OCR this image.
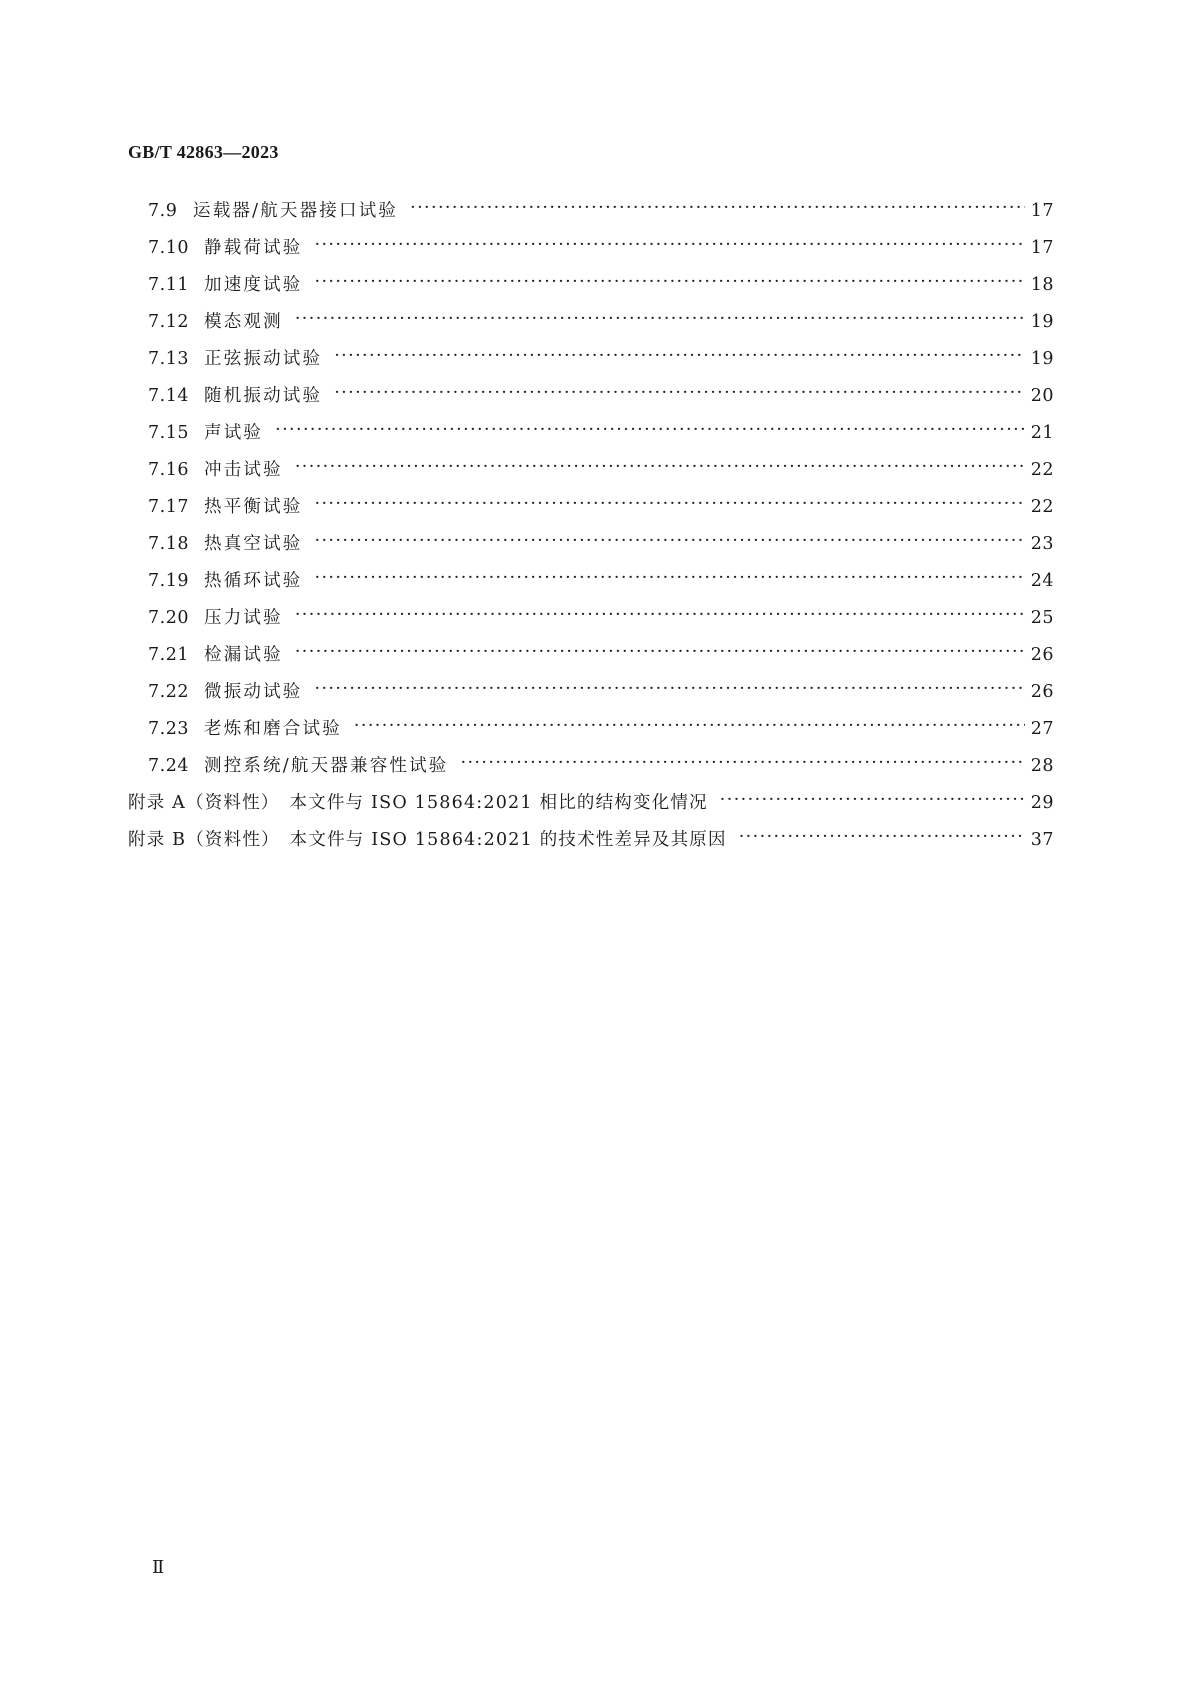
GB/T 42863—2023
7.9 运载器/航天器接口试验 ·····	17
7.10 静载荷试验 ·····	17
7.11 加速度试验 ·····	18
7.12 模态观测 ·····	19
7.13 正弦振动试验 ·····	19
7.14 随机振动试验 ·····	20
7.15 声试验 ·····	21
7.16 冲击试验 ·····	22
7.17 热平衡试验 ·····	22
7.18 热真空试验 ·····	23
7.19 热循环试验 ·····	24
7.20 压力试验 ·····	25
7.21 检漏试验 ·····	26
7.22 微振动试验 ·····	26
7.23 老炼和磨合试验 ·····	27
7.24 测控系统/航天器兼容性试验 ·····	28
附录 A（资料性）　本文件与 ISO 15864:2021 相比的结构变化情况 ·····	29
附录 B（资料性）　本文件与 ISO 15864:2021 的技术性差异及其原因 ·····	37
Ⅱ
